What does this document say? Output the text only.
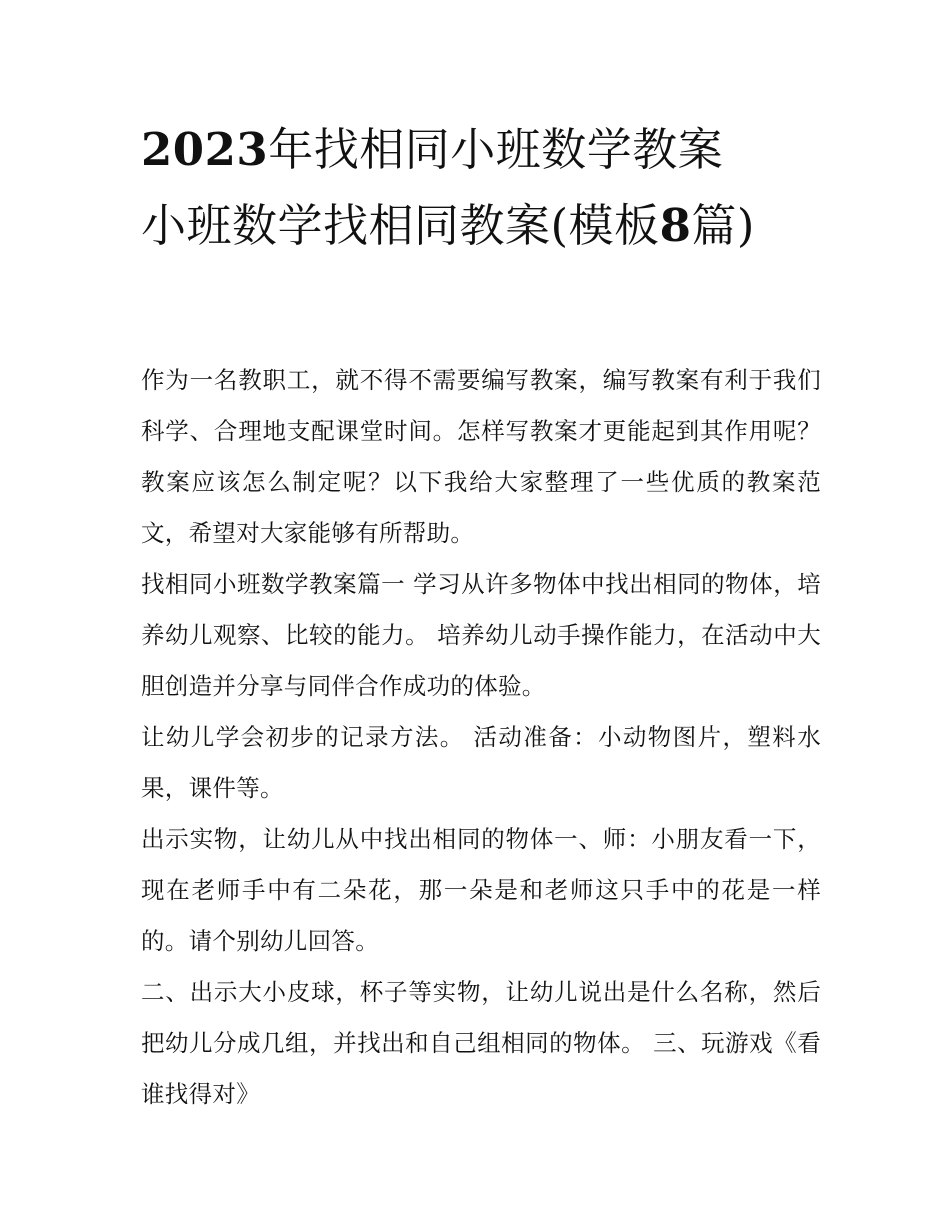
2023年找相同小班数学教案 小班数学找相同教案(模板8篇)

作为一名教职工，就不得不需要编写教案，编写教案有利于我们科学、合理地支配课堂时间。怎样写教案才更能起到其作用呢？教案应该怎么制定呢？以下我给大家整理了一些优质的教案范文，希望对大家能够有所帮助。

找相同小班数学教案篇一 学习从许多物体中找出相同的物体，培养幼儿观察、比较的能力。 培养幼儿动手操作能力，在活动中大胆创造并分享与同伴合作成功的体验。

让幼儿学会初步的记录方法。 活动准备：小动物图片，塑料水果，课件等。

出示实物，让幼儿从中找出相同的物体一、师：小朋友看一下，现在老师手中有二朵花，那一朵是和老师这只手中的花是一样的。请个别幼儿回答。

二、出示大小皮球，杯子等实物，让幼儿说出是什么名称，然后把幼儿分成几组，并找出和自己组相同的物体。 三、玩游戏《看谁找得对》
